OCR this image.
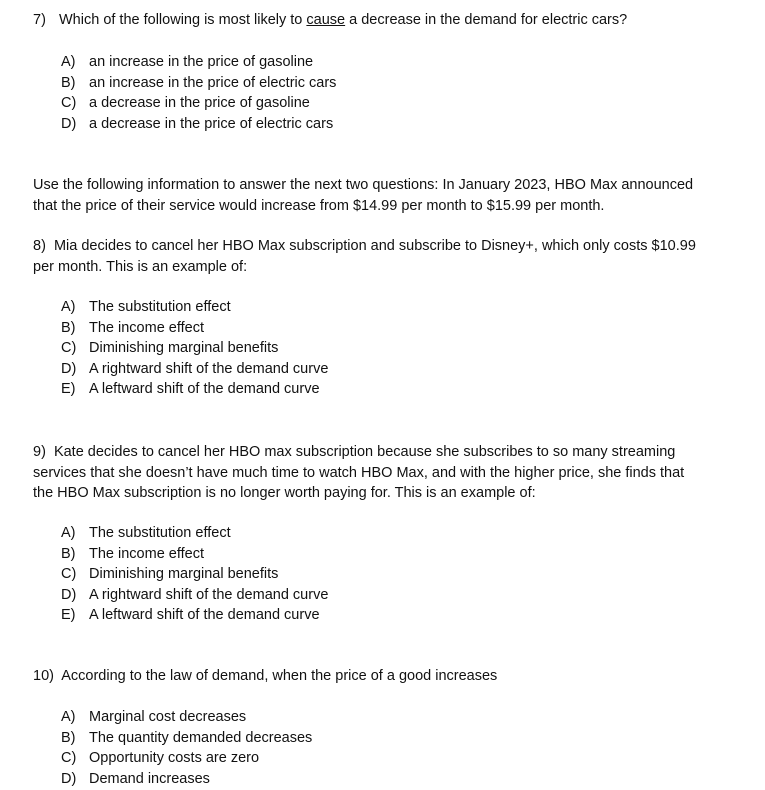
7) Which of the following is most likely to cause a decrease in the demand for electric cars?
A) an increase in the price of gasoline
B) an increase in the price of electric cars
C) a decrease in the price of gasoline
D) a decrease in the price of electric cars
Use the following information to answer the next two questions: In January 2023, HBO Max announced
that the price of their service would increase from $14.99 per month to $15.99 per month.
8)  Mia decides to cancel her HBO Max subscription and subscribe to Disney+, which only costs $10.99
per month. This is an example of:
A) The substitution effect
B) The income effect
C) Diminishing marginal benefits
D) A rightward shift of the demand curve
E) A leftward shift of the demand curve
9)  Kate decides to cancel her HBO max subscription because she subscribes to so many streaming
services that she doesn’t have much time to watch HBO Max, and with the higher price, she finds that
the HBO Max subscription is no longer worth paying for. This is an example of:
A) The substitution effect
B) The income effect
C) Diminishing marginal benefits
D) A rightward shift of the demand curve
E) A leftward shift of the demand curve
10)  According to the law of demand, when the price of a good increases
A) Marginal cost decreases
B) The quantity demanded decreases
C) Opportunity costs are zero
D) Demand increases
